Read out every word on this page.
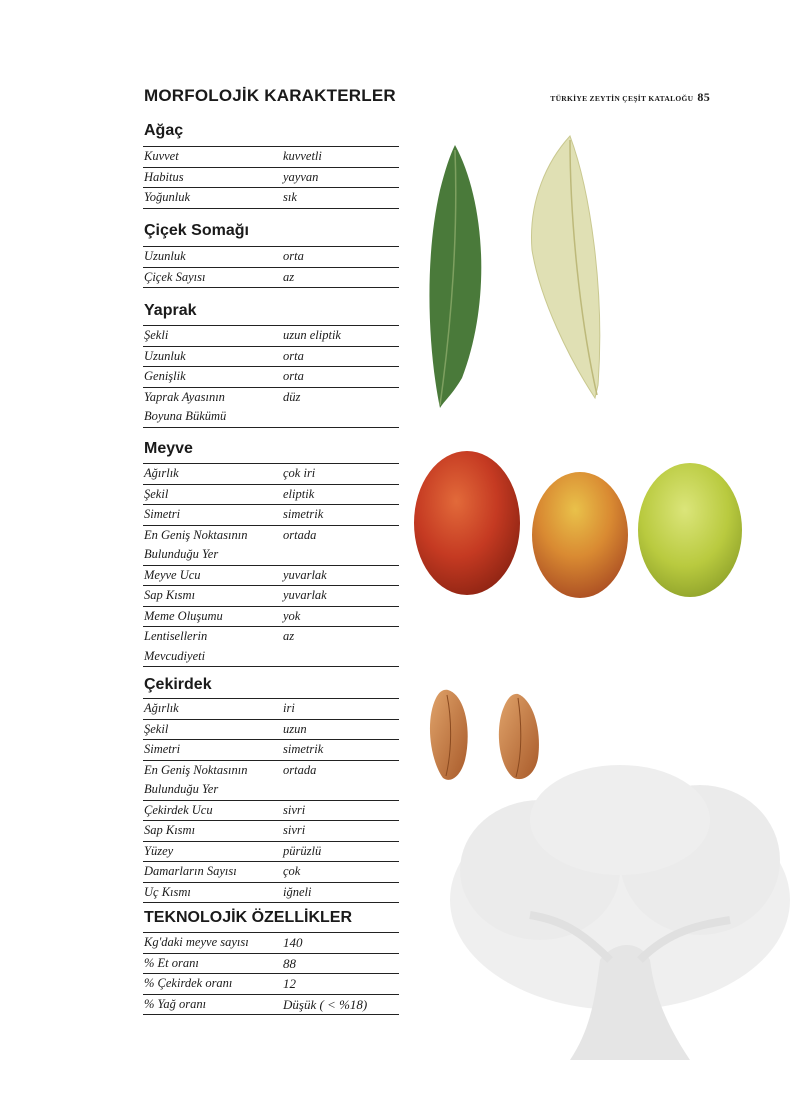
MORFOLOJİK KARAKTERLER	TÜRKİYE ZEYTİN ÇEŞİT KATALOĞU 85
Ağaç
Kuvvet	kuvvetli
Habitus	yayvan
Yoğunluk	sık
Çiçek Somağı
Uzunluk	orta
Çiçek Sayısı	az
Yaprak
Şekli	uzun eliptik
Uzunluk	orta
Genişlik	orta
Yaprak Ayasının	düz
Boyuna Bükümü
Meyve
Ağırlık	çok iri
Şekil	eliptik
Simetri	simetrik
En Geniş Noktasının	ortada
Bulunduğu Yer
Meyve Ucu	yuvarlak
Sap Kısmı	yuvarlak
Meme Oluşumu	yok
Lentisellerin	az
Mevcudiyeti
Çekirdek
Ağırlık	iri
Şekil	uzun
Simetri	simetrik
En Geniş Noktasının	ortada
Bulunduğu Yer
Çekirdek Ucu	sivri
Sap Kısmı	sivri
Yüzey	pürüzlü
Damarların Sayısı	çok
Uç Kısmı	iğneli
TEKNOLOJİK ÖZELLİKLER
Kg'daki meyve sayısı	140
% Et oranı	88
% Çekirdek oranı	12
% Yağ oranı	Düşük ( < %18)
